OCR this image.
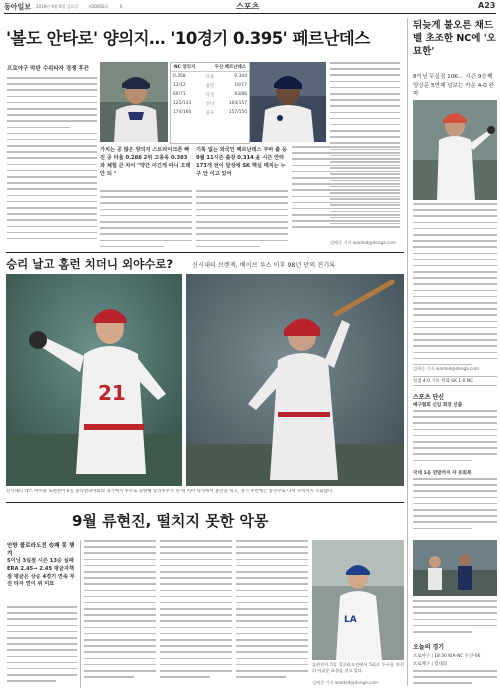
동아일보 2019년 9월 6일 금요일 제30050호	6	스포츠	A23
'볼도 안타로' 양의지… '10경기 0.395' 페르난데스
프로야구 막판 수위타자 경쟁 후끈	NC 양의지	두산 페르난데스
0.358	타율	0.344
13/12	홈런	16/17
66/71	타점	83/86
125/133	안타	164/157
174/160	출루	157/150
가치는 공 많은 양의지 스트라이크존 빠진 공 타율 0.288 2위 고종욱 0.383과 체험 큰 차이 "약간 이긴게 아니 오래 안 되 "
기록 없는 외국인 페르난데스 쿠바 출 등 9월 11시즌 출장 0.314 윤 시즌 안타 173개 전이 달성에 SK 핵심 매치는 누구 안 이고 있어
김배중 기자 wanted@donga.com
뒤늦게 불오른 채드벨 초조한 NC에 '오묘한'
8이닝 무실점 10K… 시즌 9승째 양상문 5연패 넘보는 카운 4-0 완파
김배중 기자 wanted@donga.com
실점 4-0 기록 한화 SK 1-0 NC
스포츠 단신
배구협회 신임 회장 선출
국대 1공 연말까지 자 유회복
오늘의 경기
프로야구 | 18:30 KIA-NC 두산-SK
프로배구 | 컵대회
승리 날고 홈런 치더니 외야수로?	신시내티 브렌젝, 베이브 루스 이후 98년 만의 진기록
21
신시내티 레즈 마이클 로렌젠이 6일 필라델피아와의 경기에서 투수로 등판해 승리투수가 된 데 이어 타석에서 홈런을 치고, 경기 후반에는 중견수로 나서 수비까지 소화했다.
9월 류현진, 떨치지 못한 악몽
안방 콜로라도전 승패 못 챙겨
5이닝 3실점 시즌 13승 실패 ERA 2.45→ 2.45 평균자책점 평균은 상승 4경기 연속 부진 타자 연이 위 미묘
LA
류현진이 5일 콜로라도전에서 5회초 투구를 마친 뒤 아쉬운 표정을 짓고 있다.
김배중 기자 wanted@donga.com
